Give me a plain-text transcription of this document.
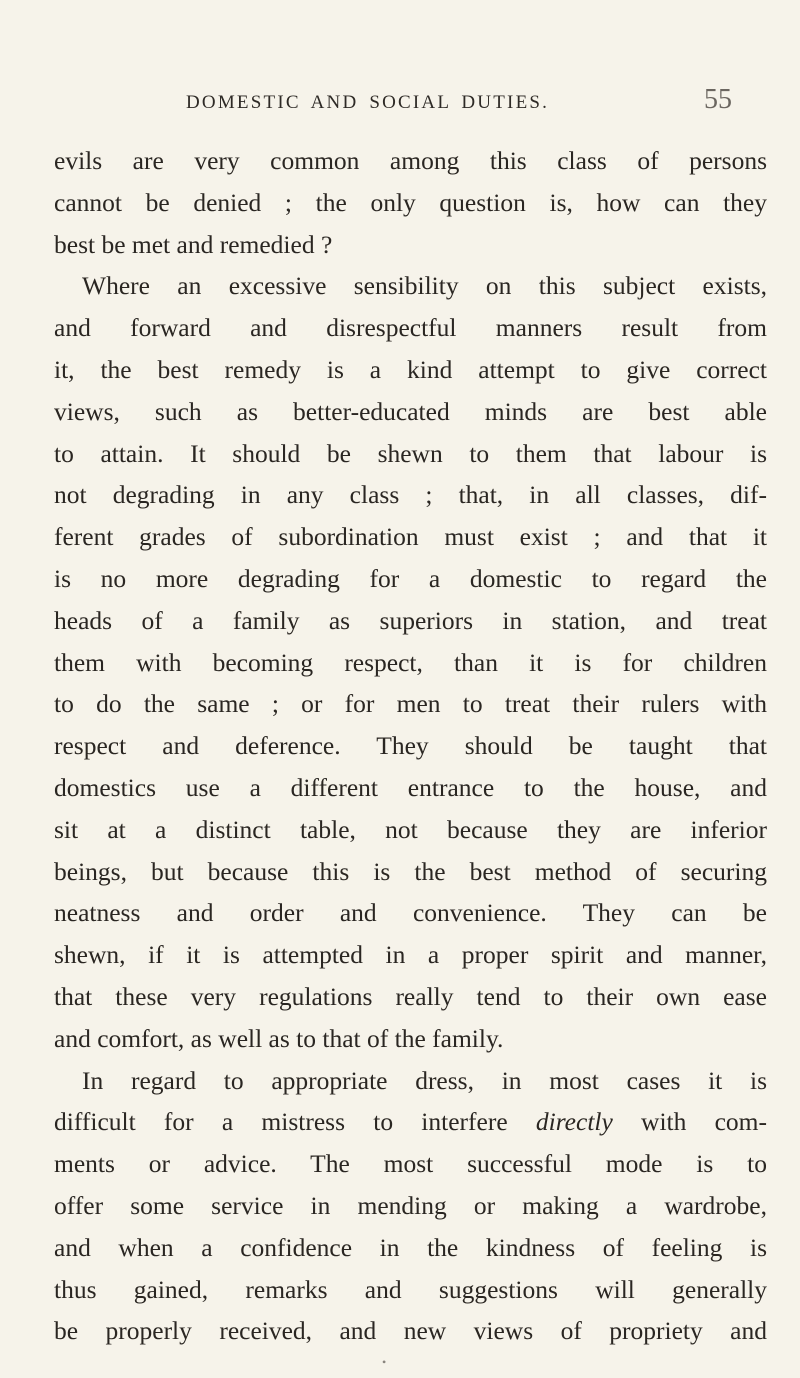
DOMESTIC AND SOCIAL DUTIES.	55
evils are very common among this class of persons
cannot be denied ; the only question is, how can they
best be met and remedied ?
Where an excessive sensibility on this subject exists,
and forward and disrespectful manners result from
it, the best remedy is a kind attempt to give correct
views, such as better-educated minds are best able
to attain. It should be shewn to them that labour is
not degrading in any class ; that, in all classes, dif-
ferent grades of subordination must exist ; and that it
is no more degrading for a domestic to regard the
heads of a family as superiors in station, and treat
them with becoming respect, than it is for children
to do the same ; or for men to treat their rulers with
respect and deference. They should be taught that
domestics use a different entrance to the house, and
sit at a distinct table, not because they are inferior
beings, but because this is the best method of securing
neatness and order and convenience. They can be
shewn, if it is attempted in a proper spirit and manner,
that these very regulations really tend to their own ease
and comfort, as well as to that of the family.
In regard to appropriate dress, in most cases it is
difficult for a mistress to interfere directly with com-
ments or advice. The most successful mode is to
offer some service in mending or making a wardrobe,
and when a confidence in the kindness of feeling is
thus gained, remarks and suggestions will generally
be properly received, and new views of propriety and
•
